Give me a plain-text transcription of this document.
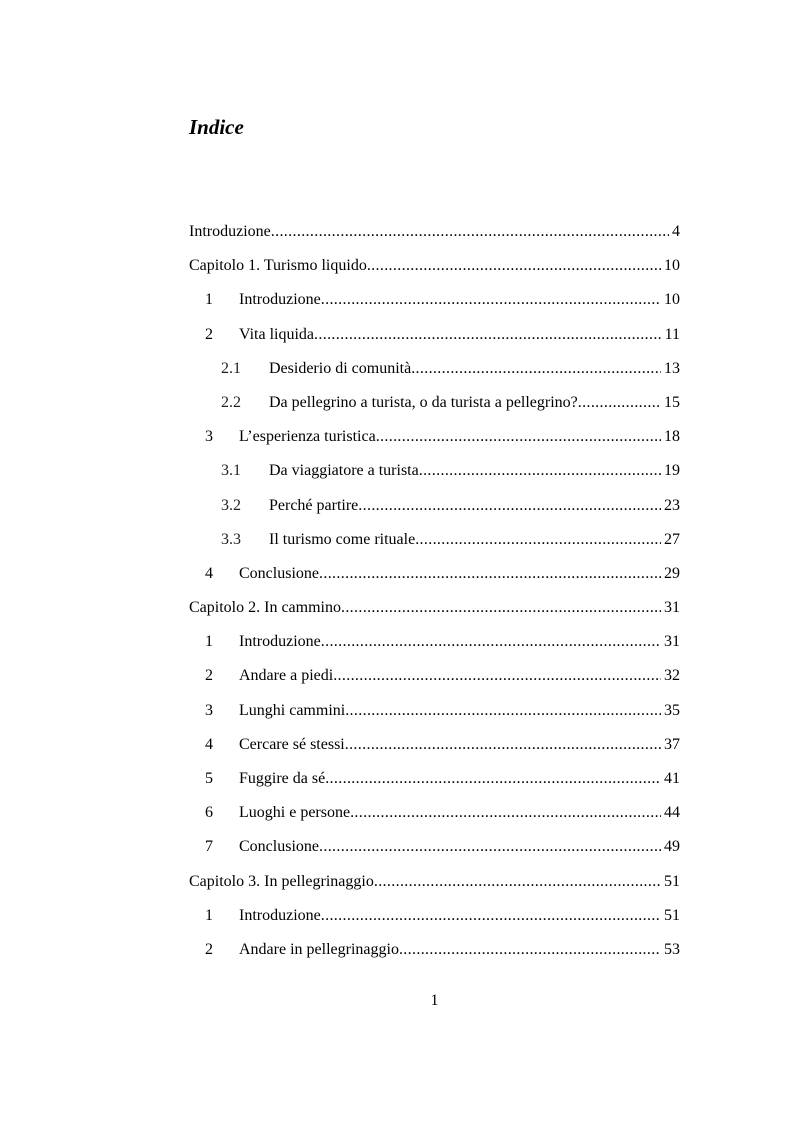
Indice
Introduzione .....	4
Capitolo 1. Turismo liquido .....	10
1 Introduzione .....	10
2 Vita liquida .....	11
2.1 Desiderio di comunità .....	13
2.2 Da pellegrino a turista, o da turista a pellegrino? .....	15
3 L’esperienza turistica .....	18
3.1 Da viaggiatore a turista .....	19
3.2 Perché partire .....	23
3.3 Il turismo come rituale .....	27
4 Conclusione .....	29
Capitolo 2. In cammino .....	31
1 Introduzione .....	31
2 Andare a piedi .....	32
3 Lunghi cammini .....	35
4 Cercare sé stessi .....	37
5 Fuggire da sé .....	41
6 Luoghi e persone .....	44
7 Conclusione .....	49
Capitolo 3. In pellegrinaggio .....	51
1 Introduzione .....	51
2 Andare in pellegrinaggio .....	53
1
